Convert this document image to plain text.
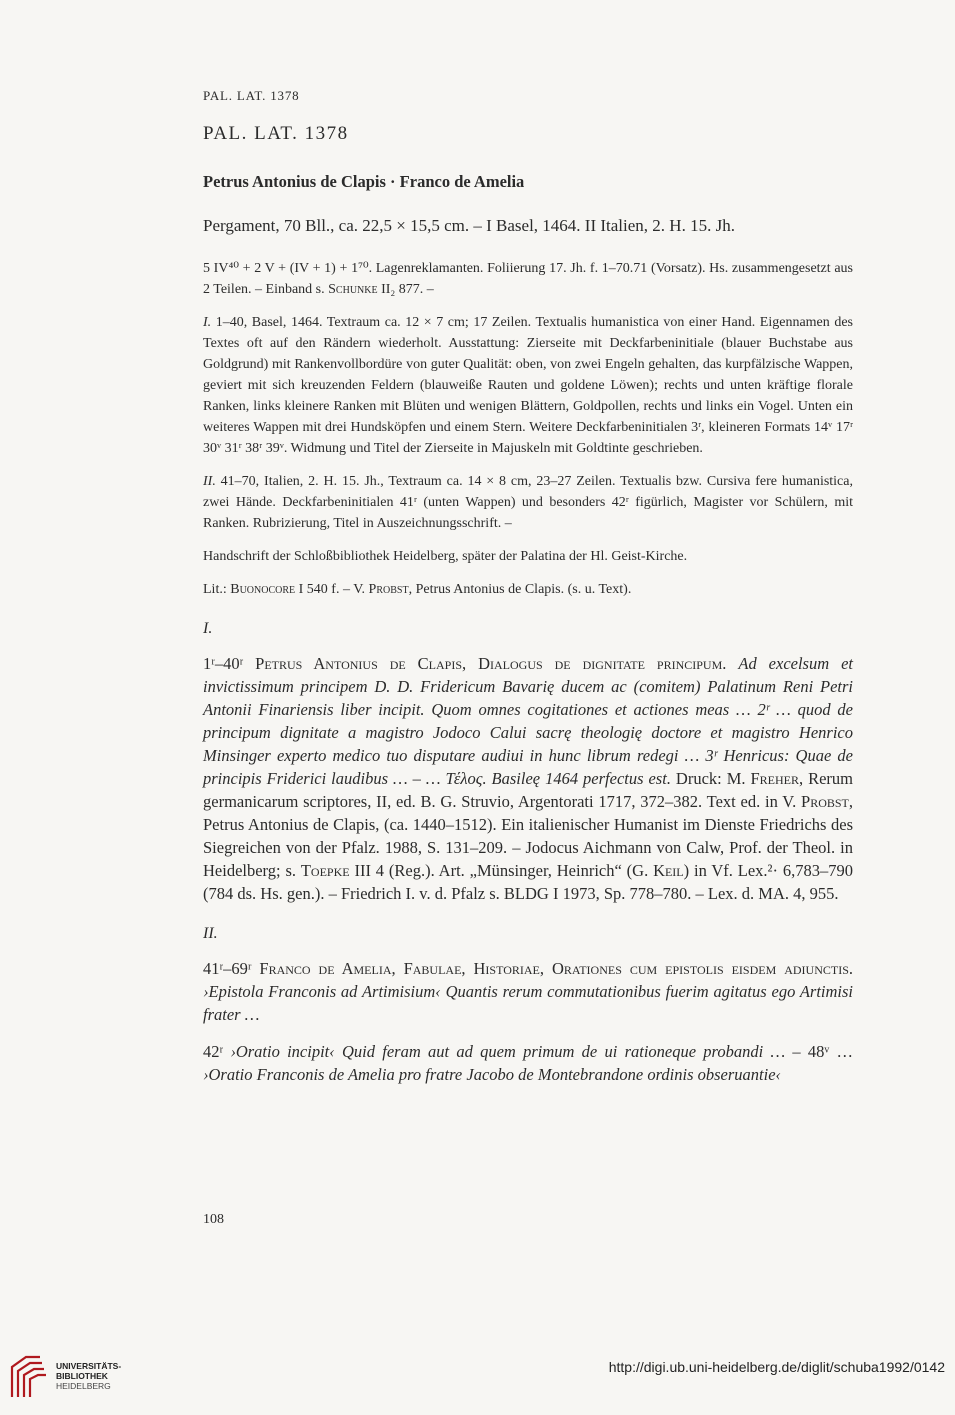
PAL. LAT. 1378
PAL. LAT. 1378
Petrus Antonius de Clapis · Franco de Amelia
Pergament, 70 Bll., ca. 22,5 × 15,5 cm. – I Basel, 1464. II Italien, 2. H. 15. Jh.

5 IV⁴⁰ + 2 V + (IV + 1) + 1⁷⁰. Lagenreklamanten. Foliierung 17. Jh. f. 1–70.71 (Vorsatz). Hs. zusammengesetzt aus 2 Teilen. – Einband s. Schunke II₂ 877. –

I. 1–40, Basel, 1464. Textraum ca. 12 × 7 cm; 17 Zeilen. Textualis humanistica von einer Hand. Eigennamen des Textes oft auf den Rändern wiederholt. Ausstattung: Zierseite mit Deckfarbeninitiale (blauer Buchstabe aus Goldgrund) mit Rankenvollbordüre von guter Qualität: oben, von zwei Engeln gehalten, das kurpfälzische Wappen, geviert mit sich kreuzenden Feldern (blauweiße Rauten und goldene Löwen); rechts und unten kräftige florale Ranken, links kleinere Ranken mit Blüten und wenigen Blättern, Goldpollen, rechts und links ein Vogel. Unten ein weiteres Wappen mit drei Hundsköpfen und einem Stern. Weitere Deckfarbeninitialen 3ʳ, kleineren Formats 14ᵛ 17ʳ 30ᵛ 31ʳ 38ʳ 39ᵛ. Widmung und Titel der Zierseite in Majuskeln mit Goldtinte geschrieben.

II. 41–70, Italien, 2. H. 15. Jh., Textraum ca. 14 × 8 cm, 23–27 Zeilen. Textualis bzw. Cursiva fere humanistica, zwei Hände. Deckfarbeninitialen 41ʳ (unten Wappen) und besonders 42ʳ figürlich, Magister vor Schülern, mit Ranken. Rubrizierung, Titel in Auszeichnungsschrift. –

Handschrift der Schloßbibliothek Heidelberg, später der Palatina der Hl. Geist-Kirche.

Lit.: Buonocore I 540 f. – V. Probst, Petrus Antonius de Clapis. (s. u. Text).

I.

1ʳ–40ʳ Petrus Antonius de Clapis, Dialogus de dignitate principum. Ad excelsum et invictissimum principem D. D. Fridericum Bavarię ducem ac (comitem) Palatinum Reni Petri Antonii Finariensis liber incipit. Quom omnes cogitationes et actiones meas … 2ʳ … quod de principum dignitate a magistro Jodoco Calui sacrę theologię doctore et magistro Henrico Minsinger experto medico tuo disputare audiui in hunc librum redegi … 3ʳ Henricus: Quae de principis Friderici laudibus … – … Τέλος. Basileę 1464 perfectus est. Druck: M. Freher, Rerum germanicarum scriptores, II, ed. B. G. Struvio, Argentorati 1717, 372–382. Text ed. in V. Probst, Petrus Antonius de Clapis, (ca. 1440–1512). Ein italienischer Humanist im Dienste Friedrichs des Siegreichen von der Pfalz. 1988, S. 131–209. – Jodocus Aichmann von Calw, Prof. der Theol. in Heidelberg; s. Toepke III 4 (Reg.). Art. „Münsinger, Heinrich“ (G. Keil) in Vf. Lex.²· 6,783–790 (784 ds. Hs. gen.). – Friedrich I. v. d. Pfalz s. BLDG I 1973, Sp. 778–780. – Lex. d. MA. 4, 955.

II.

41ʳ–69ʳ Franco de Amelia, Fabulae, Historiae, Orationes cum epistolis eisdem adiunctis. ›Epistola Franconis ad Artimisium‹ Quantis rerum commutationibus fuerim agitatus ego Artimisi frater …

42ʳ ›Oratio incipit‹ Quid feram aut ad quem primum de ui rationeque probandi … – 48ᵛ … ›Oratio Franconis de Amelia pro fratre Jacobo de Montebrandone ordinis obseruantie‹

108
UNIVERSITÄTS-
BIBLIOTHEK
HEIDELBERG
http://digi.ub.uni-heidelberg.de/diglit/schuba1992/0142
